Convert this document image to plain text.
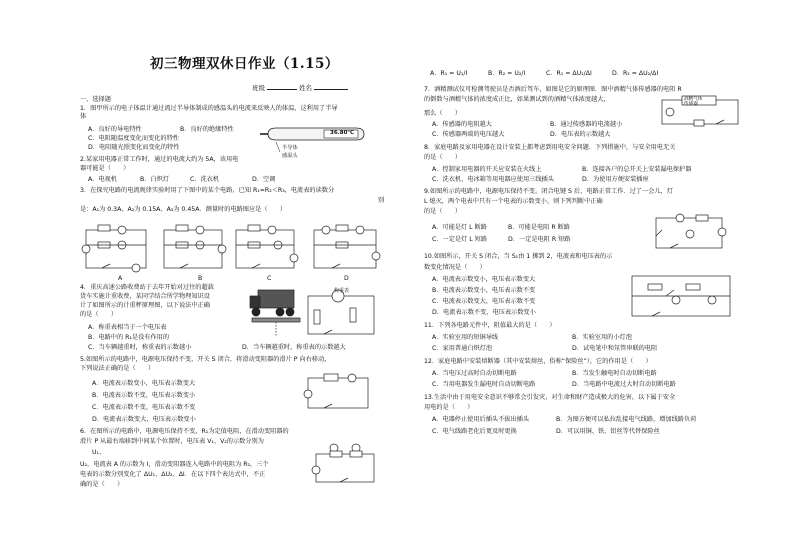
初三物理双休日作业（1.15）
班级	姓名
一、选择题
1．图甲所示的电子体温计通过流过半导体制成的感温头的电流来反映人的体温，这利用了半导
体
A．良好的导电特性	B．良好的绝缘特性
C．电阻随温度变化而变化的特性
D．电阻随光照变化而变化的特性
2.某家用电器正常工作时，通过的电流大约为 5A，该用电
器可能是（　　）
A．电视机	B．白炽灯	C．洗衣机	D．空调
3．在探究电路的电流规律实验时用了下图中的某个电路，已知 R₁=R₂＜R₃，电流表的读数分
别
是：A₁为 0.3A、A₂为 0.15A、A₃为 0.45A．测量时的电路图应是（　　）
A	B	C	D
4．重庆高速公路收费站于去年开始对过往的超载
货车实施计重收费，某同学结合所学物理知识设
计了如图所示的计重秤原理图，以下说法中正确
的是（　　）
A．称重表相当于一个电压表
B．电路中的 R₁是没有作用的
C．当车辆越重时，称重表的示数越小	D．当车辆越重时，称重表的示数越大
5.如图所示的电路中，电源电压保持不变，开关 S 闭合，将滑动变阻器的滑片 P 向右移动，
下列说法正确的是（　　）
A．电流表示数变小，电压表示数变大
B．电流表示数不变，电压表示数变小
C．电流表示数不变，电压表示数不变
D．电流表示数变大，电压表示数变小
6．在图所示的电路中，电源电压保持不变，R₁为定值电阻，在滑动变阻器的
滑片 P 从最右端移到中间某个位置时，电压表 V₁、V₂的示数分别为
U₁、
U₂，电流表 A 的示数为 I，滑动变阻器连入电路中的电阻为 R₂，三个
电表的示数分别变化了 ΔU₁、ΔU₂、ΔI．在以下四个表达式中，不正
确的是（　　）
36.80℃
半导体
感温头
称重表
A．R₁ = U₁/I	B．R₂ = U₂/I	C．R₁ = ΔU₁/ΔI	D．R₂ = ΔU₂/ΔI
7．酒精测试仪可检测驾驶员是否酒后驾车，如图是它的原理图．图中酒精气体传感器的电阻 R
的倒数与酒精气体的浓度成正比，如果测试到的酒精气体浓度越大，
那么（　　）
A．传感器的电阻越大	B．通过传感器的电流越小
C．传感器两端的电压越大	D．电压表的示数越大
8．家庭电路及家用电器在设计安装上都考虑到用电安全问题．下列措施中，与安全用电无关
的是（　　）
A．控制家用电器的开关应安装在火线上	B．连接各户的总开关上安装漏电保护器
C．洗衣机、电冰箱等用电器应使用三线插头	D．为使用方便安装插座
9.如图所示的电路中，电源电压保持不变。闭合电键 S 后，电路正常工作．过了一会儿，灯
L 熄灭，两个电表中只有一个电表的示数变小，则下列判断中正确
的是（　　）
A．可能是灯 L 断路	B．可能是电阻 R 断路
C．一定是灯 L 短路	D．一定是电阻 R 短路
10.如图所示，开关 S 闭合，当 S₁由 1 掷到 2，电流表和电压表的示
数变化情况是（　　）
A．电流表示数变小，电压表示数变大
B．电流表示数变小，电压表示数不变
C．电流表示数变大，电压表示数不变
D．电流表示数不变，电压表示数变小
11．下列各电路元件中，阻值最大的是（　　）
A．实验室用的短铜导线	B．实验室用的小灯泡
C．家用普通白炽灯泡	D．试电笔中和氖管串联的电阻
12．家庭电路中安装熔断器（其中安装熔丝，俗称“保险丝”），它的作用是（　　）
A．当电压过高时自动切断电路	B．当发生触电时自动切断电路
C．当用电器发生漏电时自动切断电路	D．当电路中电流过大时自动切断电路
13.生活中由于用电安全意识不够常会引发灾，对生命和财产造成极大的危害，以下属于安全
用电的是（　　）
A．电器停止使用后插头不拔出插头	B．为图方便可以私拉乱接电气线路，增加线路负荷
C．电气线路老化后更及时更换	D．可以用铜、铁、铝丝等代替保险丝
酒精气体
传感器
